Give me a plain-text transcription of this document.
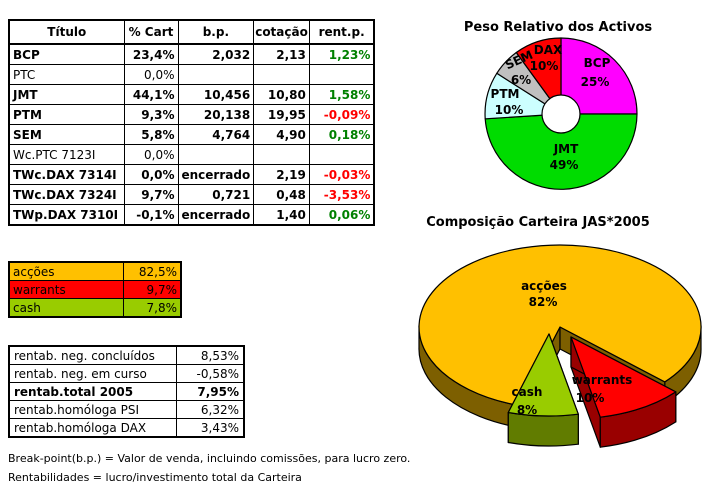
Título	% Cart	b.p.	cotação	rent.p.
BCP	23,4%	2,032	2,13	1,23%
PTC	0,0%			
JMT	44,1%	10,456	10,80	1,58%
PTM	9,3%	20,138	19,95	-0,09%
SEM	5,8%	4,764	4,90	0,18%
Wc.PTC 7123I	0,0%			
TWc.DAX 7314I	0,0%	encerrado	2,19	-0,03%
TWc.DAX 7324I	9,7%	0,721	0,48	-3,53%
TWp.DAX 7310I	-0,1%	encerrado	1,40	0,06%
acções	82,5%
warrants	9,7%
cash	7,8%
rentab. neg. concluídos	8,53%
rentab. neg. em curso	-0,58%
rentab.total 2005	7,95%
rentab.homóloga PSI	6,32%
rentab.homóloga DAX	3,43%
Break-point(b.p.) = Valor de venda, incluindo comissões, para lucro zero.
Rentabilidades = lucro/investimento total da Carteira
Peso Relativo dos Activos
BCP
25%
JMT
49%
PTM
10%
SEM
6%
DAX
10%
Composição Carteira JAS*2005
acções
82%
cash
8%
warrants
10%
